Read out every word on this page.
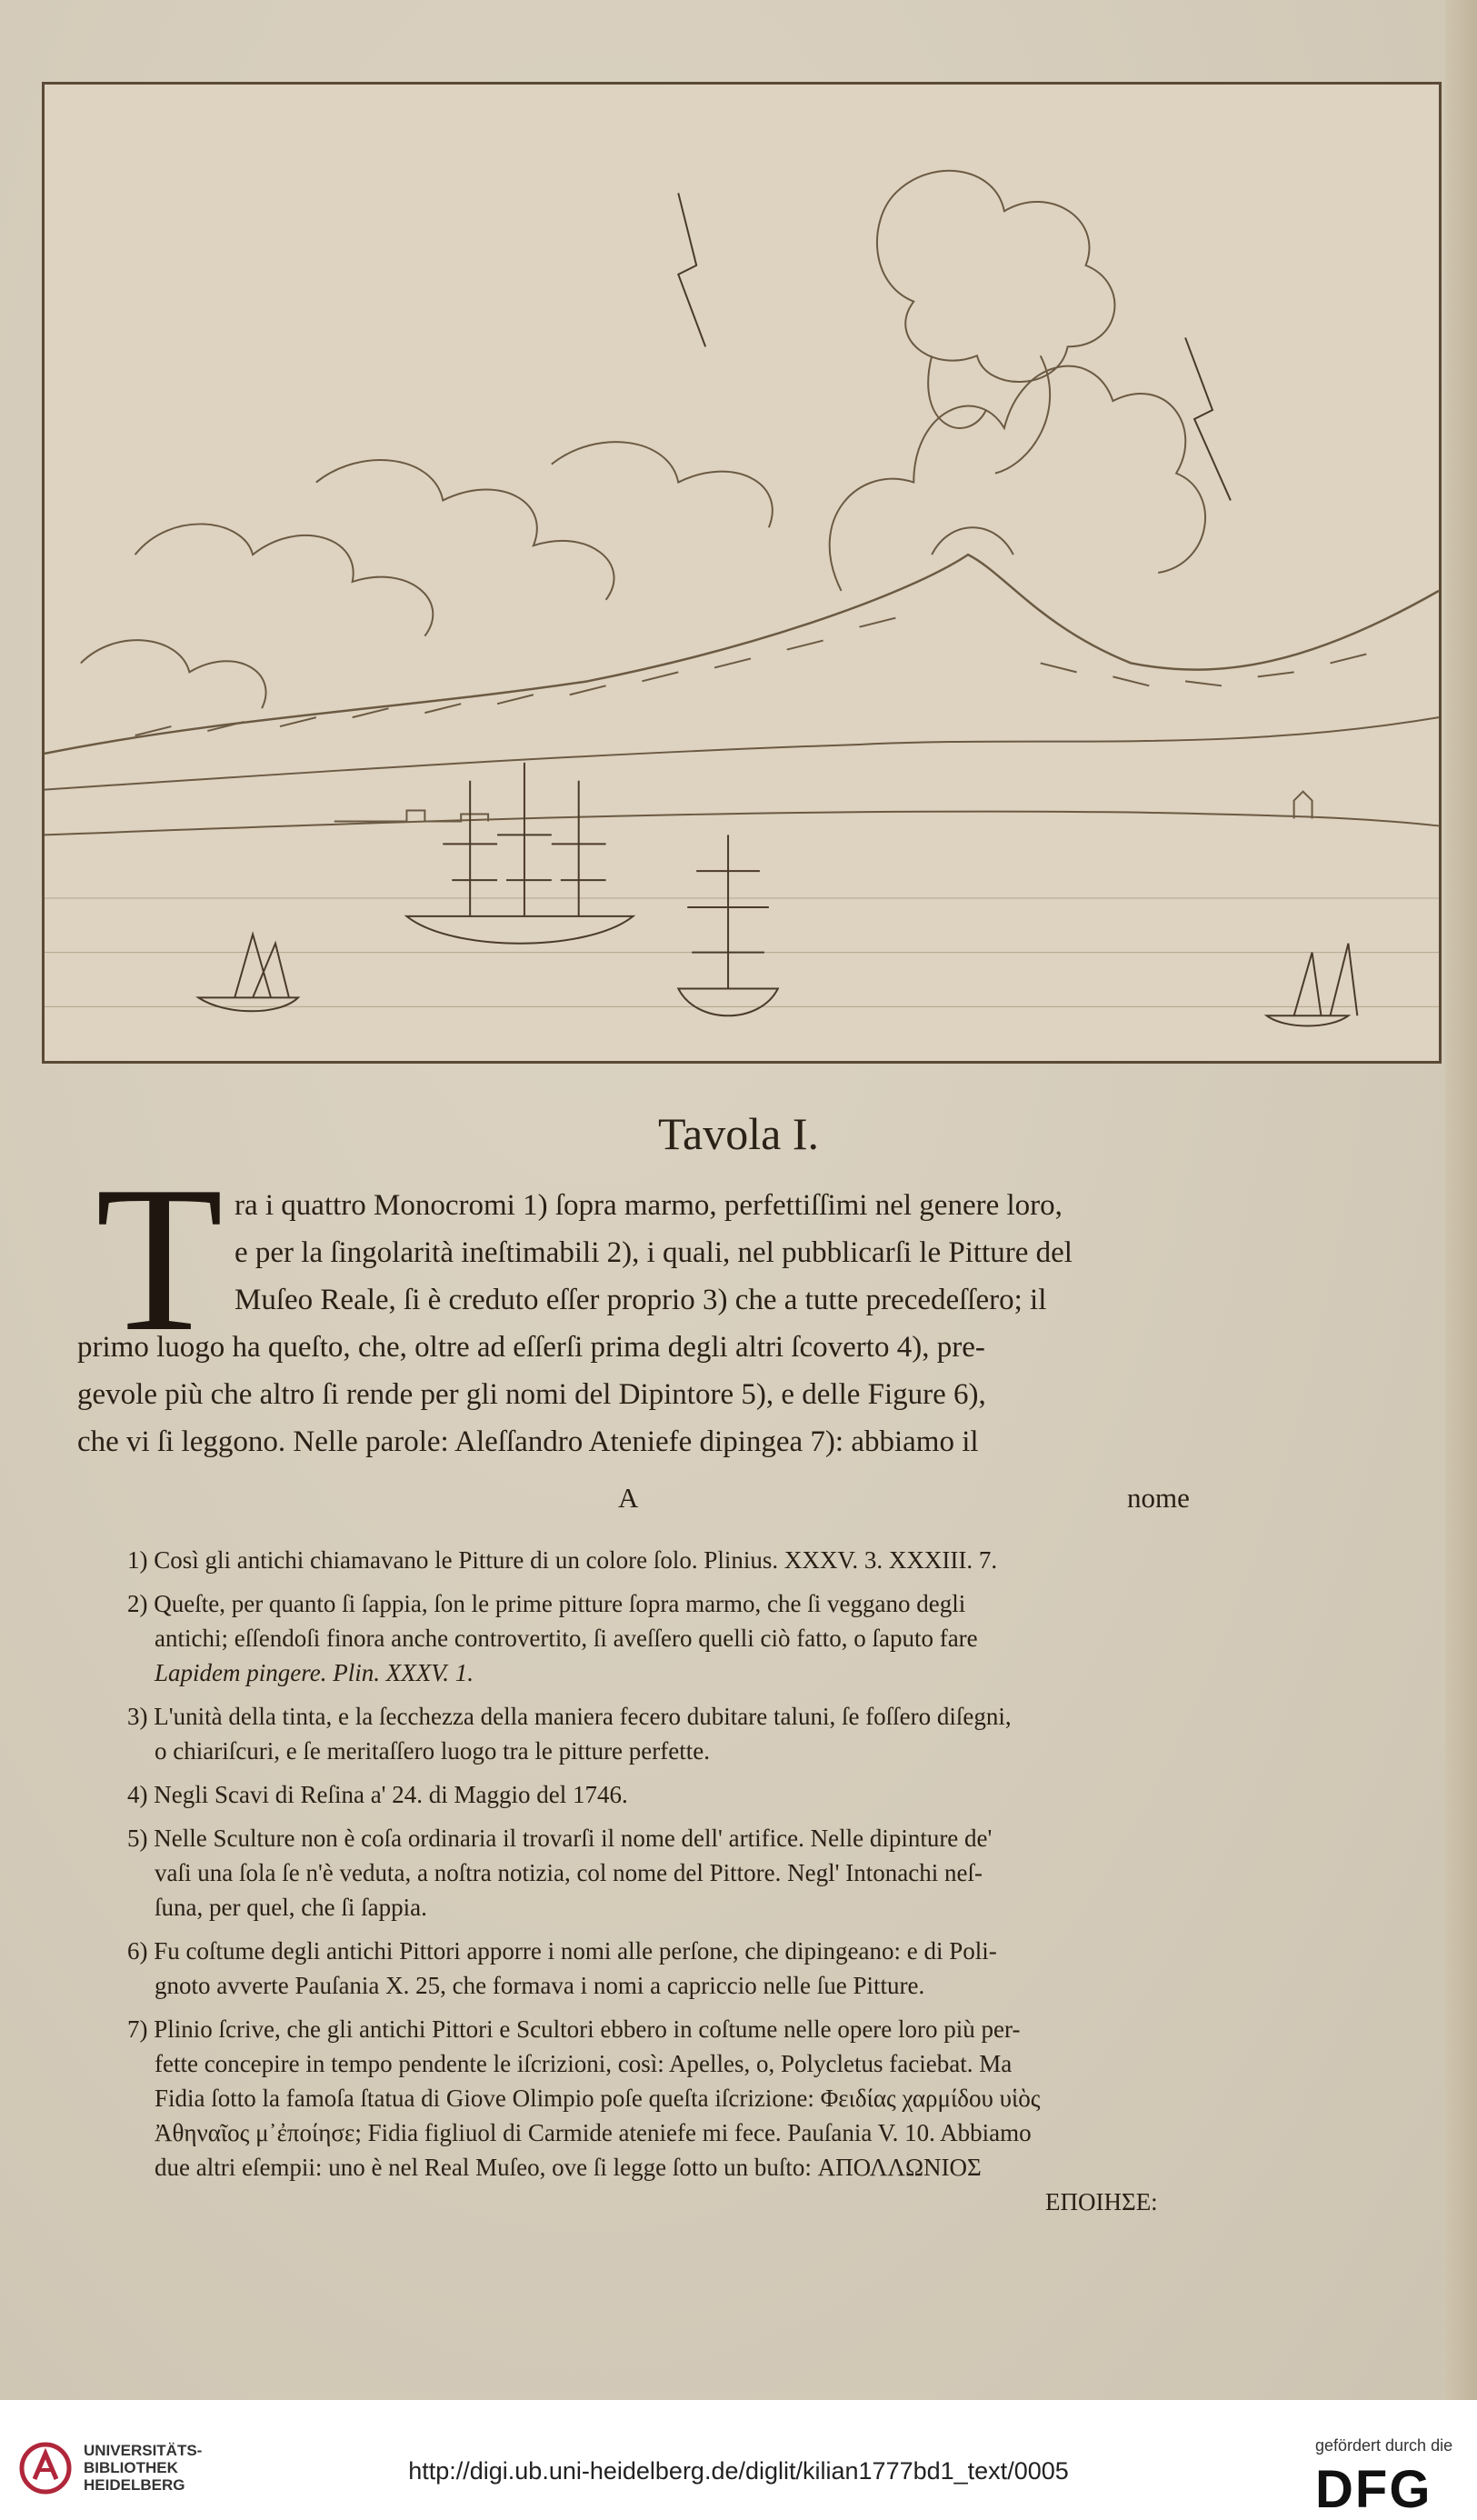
Tavola I.
T ra i quattro Monocromi 1) ſopra marmo, perfettiſſimi nel genere loro,
e per la ſingolarità ineſtimabili 2), i quali, nel pubblicarſi le Pitture del
Muſeo Reale, ſi è creduto eſſer proprio 3) che a tutte precedeſſero; il
primo luogo ha queſto, che, oltre ad eſſerſi prima degli altri ſcoverto 4), pre-
gevole più che altro ſi rende per gli nomi del Dipintore 5), e delle Figure 6),
che vi ſi leggono. Nelle parole: Aleſſandro Ateniefe dipingea 7): abbiamo il
A	nome
1) Così gli antichi chiamavano le Pitture di un colore ſolo. Plinius. XXXV. 3. XXXIII. 7.
2) Queſte, per quanto ſi ſappia, ſon le prime pitture ſopra marmo, che ſi veggano degli
antichi; eſſendoſi finora anche controvertito, ſi aveſſero quelli ciò fatto, o ſaputo fare
Lapidem pingere. Plin. XXXV. 1.
3) L'unità della tinta, e la ſecchezza della maniera fecero dubitare taluni, ſe foſſero diſegni,
o chiariſcuri, e ſe meritaſſero luogo tra le pitture perfette.
4) Negli Scavi di Reſina a' 24. di Maggio del 1746.
5) Nelle Sculture non è coſa ordinaria il trovarſi il nome dell' artifice. Nelle dipinture de'
vaſi una ſola ſe n'è veduta, a noſtra notizia, col nome del Pittore. Negl' Intonachi neſ-
ſuna, per quel, che ſi ſappia.
6) Fu coſtume degli antichi Pittori apporre i nomi alle perſone, che dipingeano: e di Poli-
gnoto avverte Pauſania X. 25, che formava i nomi a capriccio nelle ſue Pitture.
7) Plinio ſcrive, che gli antichi Pittori e Scultori ebbero in coſtume nelle opere loro più per-
fette concepire in tempo pendente le iſcrizioni, così: Apelles, o, Polycletus faciebat. Ma
Fidia ſotto la famoſa ſtatua di Giove Olimpio poſe queſta iſcrizione: Φειδίας χαρμίδου υἱὸς
Ἀθηναῖος μ᾽ἐποίησε; Fidia figliuol di Carmide ateniefe mi fece. Pauſania V. 10. Abbiamo
due altri eſempii: uno è nel Real Muſeo, ove ſi legge ſotto un buſto: ΑΠΟΛΛΩΝΙΟΣ
ΕΠΟΙΗΣΕ:
UNIVERSITÄTS-
BIBLIOTHEK
HEIDELBERG
http://digi.ub.uni-heidelberg.de/diglit/kilian1777bd1_text/0005
gefördert durch die
DFG
